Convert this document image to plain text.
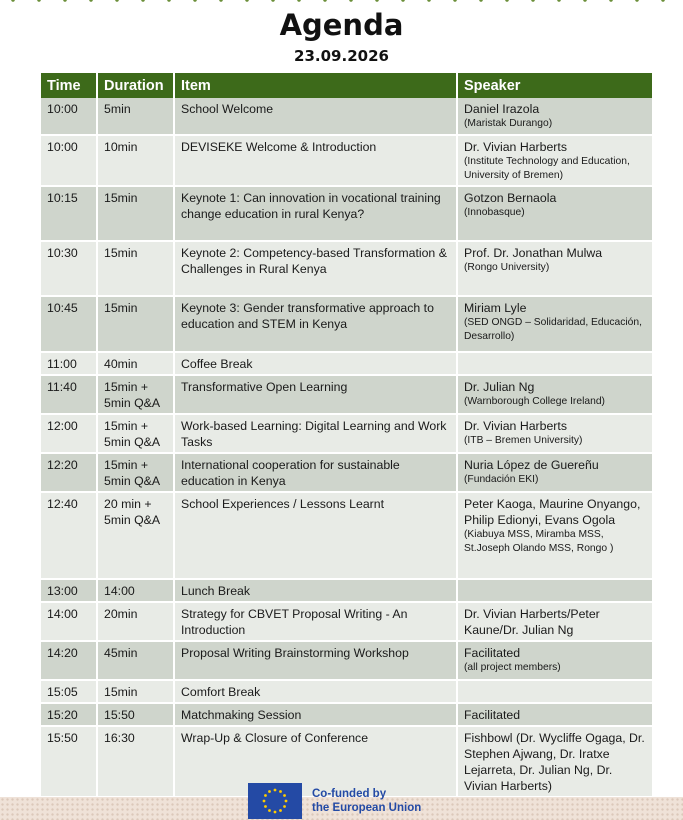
Agenda
23.09.2026
Time	Duration	Item	Speaker
10:00	5min	School Welcome	Daniel Irazola
(Maristak Durango)

10:00	10min	DEVISEKE Welcome & Introduction	Dr. Vivian Harberts
(Institute Technology and Education, University of Bremen)

10:15	15min	Keynote 1: Can innovation in vocational training change education in rural Kenya?	Gotzon Bernaola
(Innobasque)

10:30	15min	Keynote 2: Competency-based Transformation & Challenges in Rural Kenya	Prof. Dr. Jonathan Mulwa
(Rongo University)

10:45	15min	Keynote 3: Gender transformative approach to education and STEM in Kenya	Miriam Lyle
(SED ONGD – Solidaridad, Educación, Desarrollo)

11:00	40min	Coffee Break	

11:40	15min + 5min Q&A	Transformative Open Learning	Dr. Julian Ng
(Warnborough College Ireland)

12:00	15min + 5min Q&A	Work-based Learning: Digital Learning and Work Tasks	Dr. Vivian Harberts
(ITB – Bremen University)

12:20	15min + 5min Q&A	International cooperation for sustainable education in Kenya	Nuria López de Guereñu
(Fundación EKI)

12:40	20 min + 5min Q&A	School Experiences / Lessons Learnt	Peter Kaoga, Maurine Onyango, Philip Edionyi, Evans Ogola
(Kiabuya MSS, Miramba MSS, St.Joseph Olando MSS, Rongo )

13:00	14:00	Lunch Break	

14:00	20min	Strategy for CBVET Proposal Writing - An Introduction	Dr. Vivian Harberts/Peter Kaune/Dr. Julian Ng

14:20	45min	Proposal Writing Brainstorming Workshop	Facilitated
(all project members)

15:05	15min	Comfort Break	

15:20	15:50	Matchmaking Session	Facilitated

15:50	16:30	Wrap-Up & Closure of Conference	Fishbowl (Dr. Wycliffe Ogaga, Dr. Stephen Ajwang, Dr. Iratxe Lejarreta, Dr. Julian Ng, Dr. Vivian Harberts)
Co-funded by
the European Union
